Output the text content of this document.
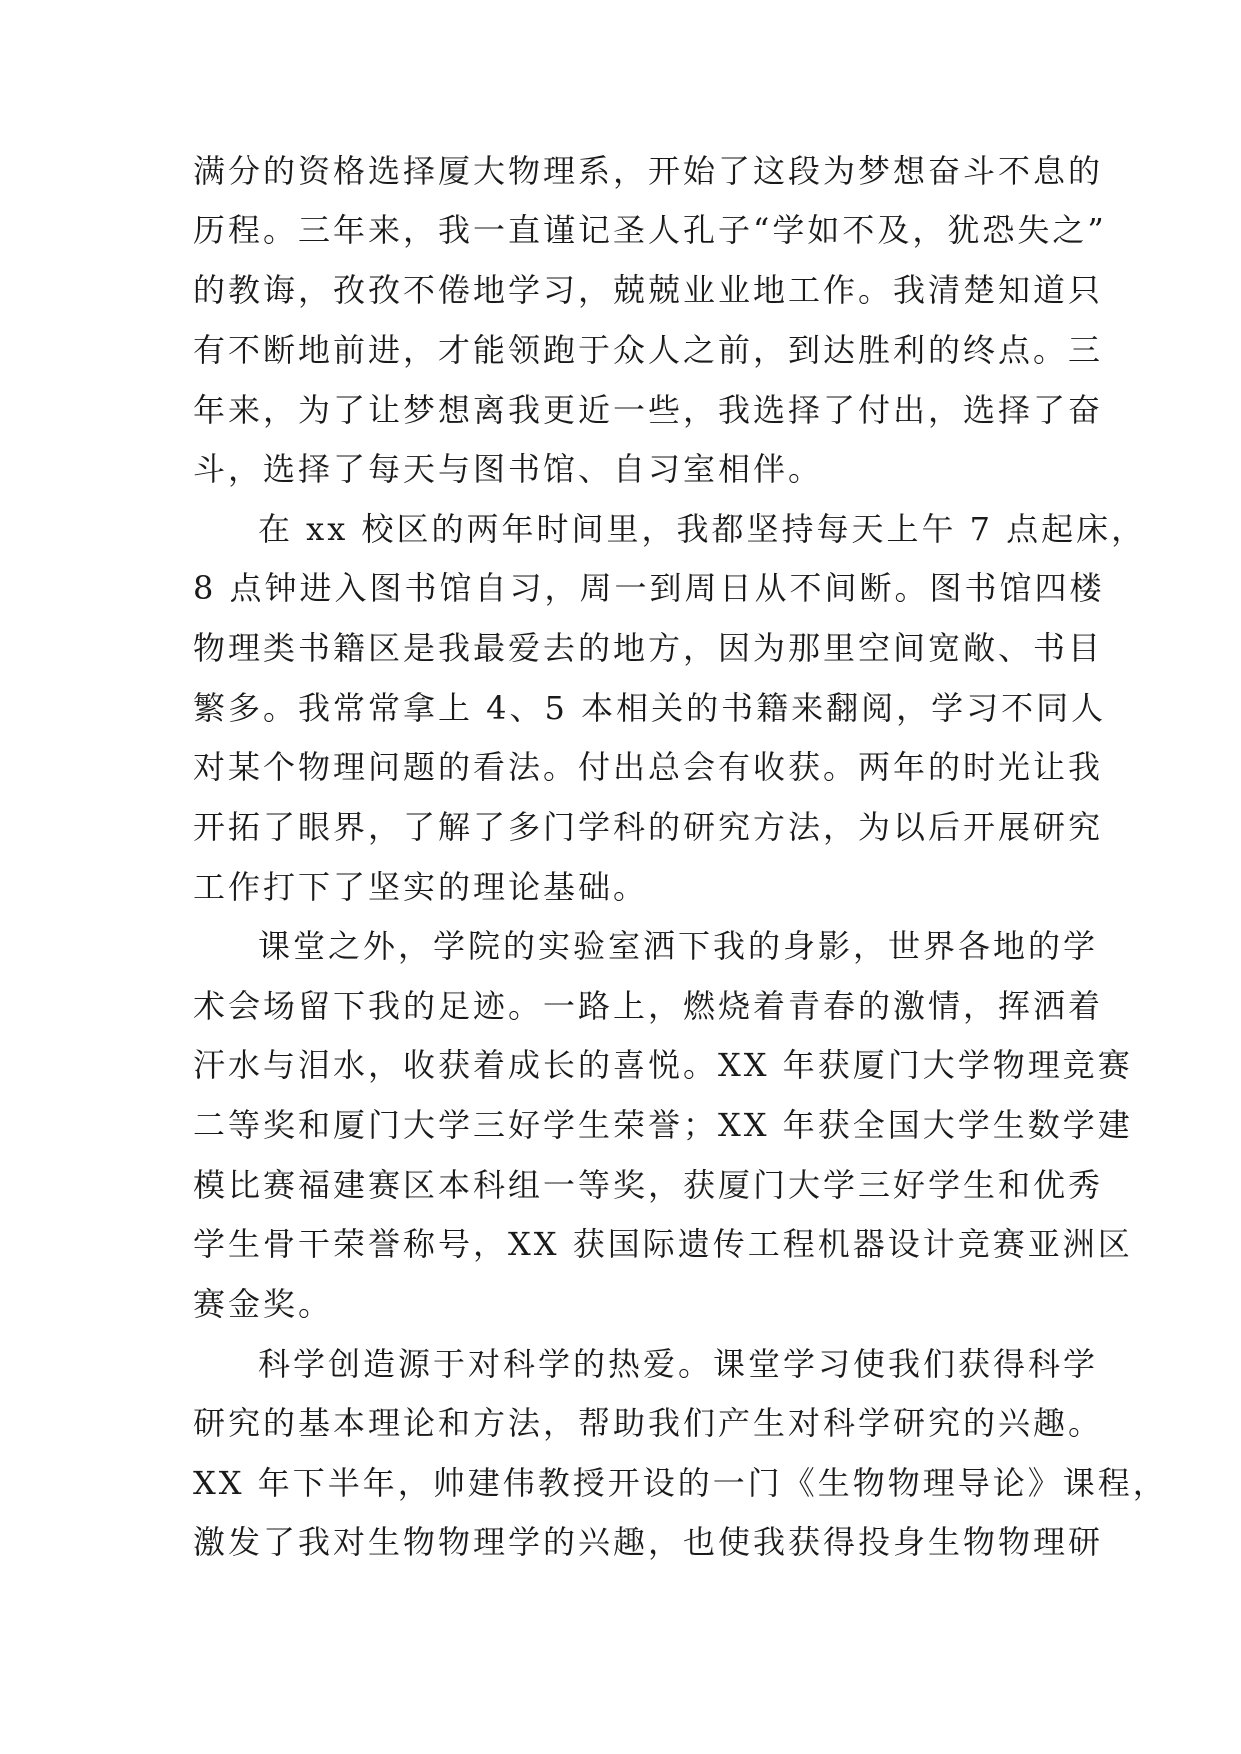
满分的资格选择厦大物理系，开始了这段为梦想奋斗不息的

历程。三年来，我一直谨记圣人孔子“学如不及，犹恐失之”

的教诲，孜孜不倦地学习，兢兢业业地工作。我清楚知道只

有不断地前进，才能领跑于众人之前，到达胜利的终点。三

年来，为了让梦想离我更近一些，我选择了付出，选择了奋

斗，选择了每天与图书馆、自习室相伴。

在 xx 校区的两年时间里，我都坚持每天上午 7 点起床，

8 点钟进入图书馆自习，周一到周日从不间断。图书馆四楼

物理类书籍区是我最爱去的地方，因为那里空间宽敞、书目

繁多。我常常拿上 4、5 本相关的书籍来翻阅，学习不同人

对某个物理问题的看法。付出总会有收获。两年的时光让我

开拓了眼界，了解了多门学科的研究方法，为以后开展研究

工作打下了坚实的理论基础。

课堂之外，学院的实验室洒下我的身影，世界各地的学

术会场留下我的足迹。一路上，燃烧着青春的激情，挥洒着

汗水与泪水，收获着成长的喜悦。XX 年获厦门大学物理竞赛

二等奖和厦门大学三好学生荣誉；XX 年获全国大学生数学建

模比赛福建赛区本科组一等奖，获厦门大学三好学生和优秀

学生骨干荣誉称号，XX 获国际遗传工程机器设计竞赛亚洲区

赛金奖。

科学创造源于对科学的热爱。课堂学习使我们获得科学

研究的基本理论和方法，帮助我们产生对科学研究的兴趣。

XX 年下半年，帅建伟教授开设的一门《生物物理导论》课程，

激发了我对生物物理学的兴趣，也使我获得投身生物物理研
